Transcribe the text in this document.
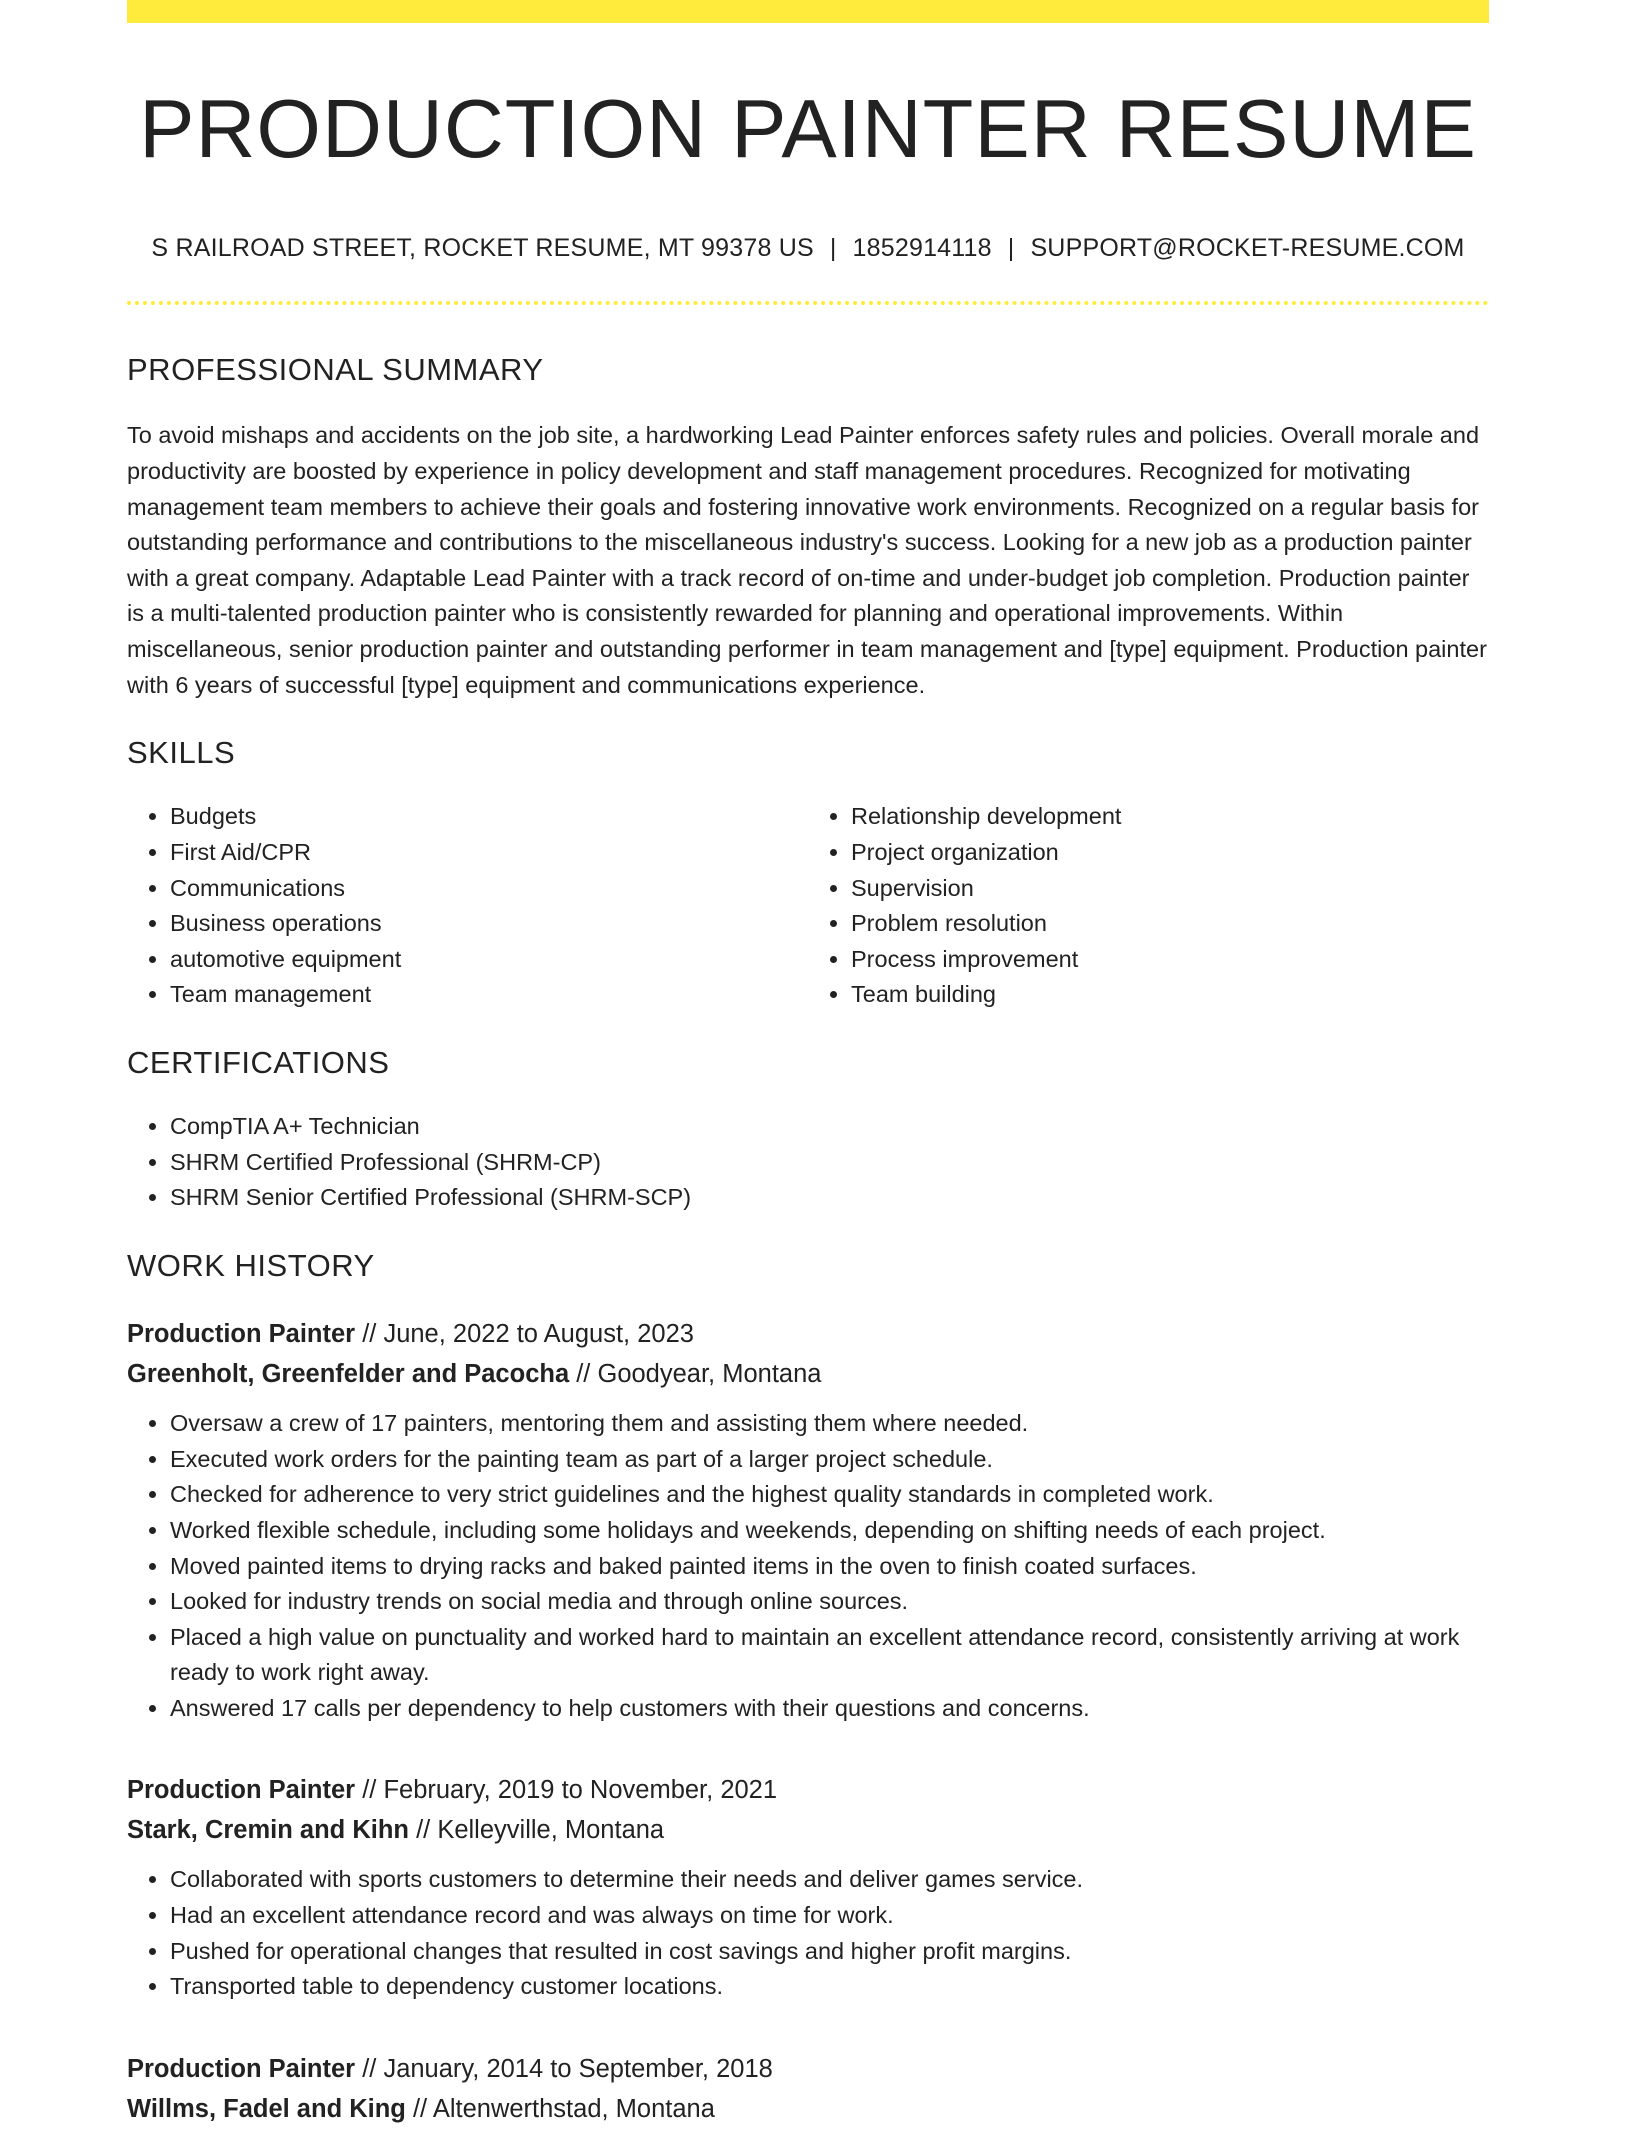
PRODUCTION PAINTER RESUME
S RAILROAD STREET, ROCKET RESUME, MT 99378 US | 1852914118 | SUPPORT@ROCKET-RESUME.COM
PROFESSIONAL SUMMARY

To avoid mishaps and accidents on the job site, a hardworking Lead Painter enforces safety rules and policies. Overall morale and productivity are boosted by experience in policy development and staff management procedures. Recognized for motivating management team members to achieve their goals and fostering innovative work environments. Recognized on a regular basis for outstanding performance and contributions to the miscellaneous industry's success. Looking for a new job as a production painter with a great company. Adaptable Lead Painter with a track record of on-time and under-budget job completion. Production painter is a multi-talented production painter who is consistently rewarded for planning and operational improvements. Within miscellaneous, senior production painter and outstanding performer in team management and [type] equipment. Production painter with 6 years of successful [type] equipment and communications experience.

SKILLS
• Budgets
• First Aid/CPR
• Communications
• Business operations
• automotive equipment
• Team management
• Relationship development
• Project organization
• Supervision
• Problem resolution
• Process improvement
• Team building
CERTIFICATIONS
• CompTIA A+ Technician
• SHRM Certified Professional (SHRM-CP)
• SHRM Senior Certified Professional (SHRM-SCP)
WORK HISTORY
Production Painter // June, 2022 to August, 2023
Greenholt, Greenfelder and Pacocha // Goodyear, Montana
• Oversaw a crew of 17 painters, mentoring them and assisting them where needed.
• Executed work orders for the painting team as part of a larger project schedule.
• Checked for adherence to very strict guidelines and the highest quality standards in completed work.
• Worked flexible schedule, including some holidays and weekends, depending on shifting needs of each project.
• Moved painted items to drying racks and baked painted items in the oven to finish coated surfaces.
• Looked for industry trends on social media and through online sources.
• Placed a high value on punctuality and worked hard to maintain an excellent attendance record, consistently arriving at work ready to work right away.
• Answered 17 calls per dependency to help customers with their questions and concerns.
Production Painter // February, 2019 to November, 2021
Stark, Cremin and Kihn // Kelleyville, Montana
• Collaborated with sports customers to determine their needs and deliver games service.
• Had an excellent attendance record and was always on time for work.
• Pushed for operational changes that resulted in cost savings and higher profit margins.
• Transported table to dependency customer locations.
Production Painter // January, 2014 to September, 2018
Willms, Fadel and King // Altenwerthstad, Montana
